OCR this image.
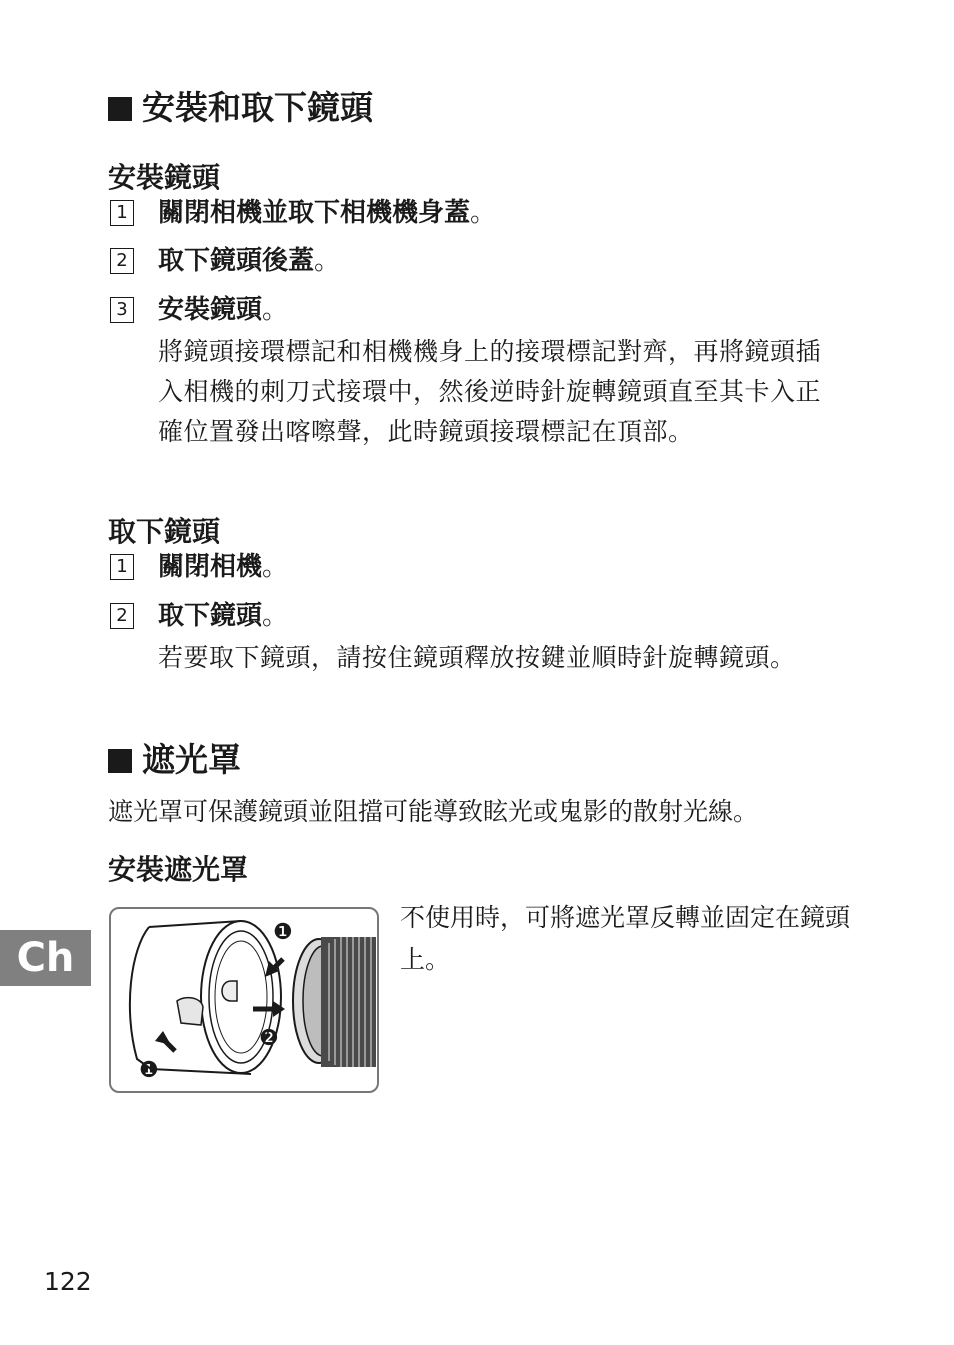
安裝和取下鏡頭
安裝鏡頭
1 關閉相機並取下相機機身蓋。
2 取下鏡頭後蓋。
3 安裝鏡頭。
將鏡頭接環標記和相機機身上的接環標記對齊，再將鏡頭插入相機的刺刀式接環中，然後逆時針旋轉鏡頭直至其卡入正確位置發出喀嚓聲，此時鏡頭接環標記在頂部。
取下鏡頭
1 關閉相機。
2 取下鏡頭。
若要取下鏡頭，請按住鏡頭釋放按鍵並順時針旋轉鏡頭。
遮光罩
遮光罩可保護鏡頭並阻擋可能導致眩光或鬼影的散射光線。
安裝遮光罩
❶
❷
❶
不使用時，可將遮光罩反轉並固定在鏡頭上。
Ch
122
